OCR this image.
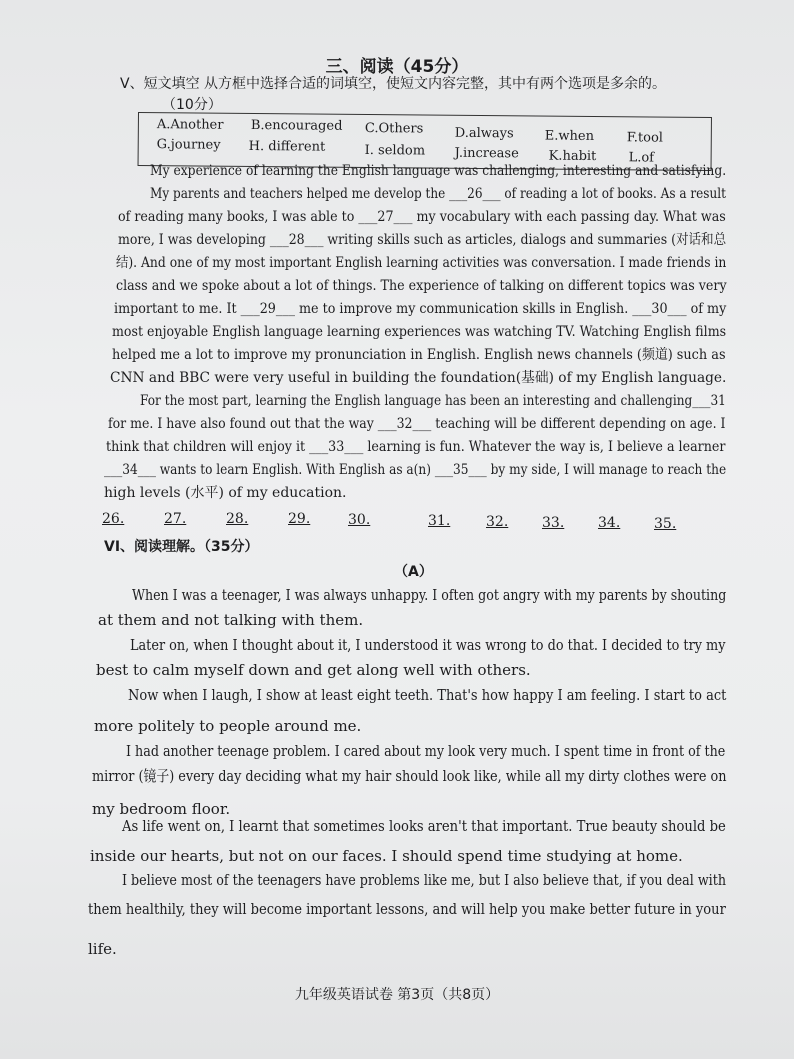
三、阅读（45分）
V、短文填空 从方框中选择合适的词填空，使短文内容完整，其中有两个选项是多余的。
（10分）
A.Another B.encouraged C.Others D.always E.when	F.tool
G.journey H. different	I. seldom J.increase K.habit L.of
My experience of learning the English language was challenging, interesting and satisfying.
My parents and teachers helped me develop the ___26___ of reading a lot of books. As a result
of reading many books, I was able to ___27___ my vocabulary with each passing day. What was
more, I was developing ___28___ writing skills such as articles, dialogs and summaries (对话和总
结). And one of my most important English learning activities was conversation. I made friends in
class and we spoke about a lot of things. The experience of talking on different topics was very
important to me. It ___29___ me to improve my communication skills in English. ___30___ of my
most enjoyable English language learning experiences was watching TV. Watching English films
helped me a lot to improve my pronunciation in English. English news channels (频道) such as
CNN and BBC were very useful in building the foundation(基础) of my English language.
For the most part, learning the English language has been an interesting and challenging___31
for me. I have also found out that the way ___32___ teaching will be different depending on age. I
think that children will enjoy it ___33___ learning is fun. Whatever the way is, I believe a learner
___34___ wants to learn English. With English as a(n) ___35___ by my side, I will manage to reach the
high levels (水平) of my education.
26.	27.	28.	29.	30.	31.	32. 33. 34. 35.
VI、阅读理解。（35分）
（A）
When I was a teenager, I was always unhappy. I often got angry with my parents by shouting
at them and not talking with them.
Later on, when I thought about it, I understood it was wrong to do that. I decided to try my
best to calm myself down and get along well with others.
Now when I laugh, I show at least eight teeth. That's how happy I am feeling. I start to act
more politely to people around me.
I had another teenage problem. I cared about my look very much. I spent time in front of the
mirror (镜子) every day deciding what my hair should look like, while all my dirty clothes were on
my bedroom floor.
As life went on, I learnt that sometimes looks aren't that important. True beauty should be
inside our hearts, but not on our faces. I should spend time studying at home.
I believe most of the teenagers have problems like me, but I also believe that, if you deal with
them healthily, they will become important lessons, and will help you make better future in your
life.
九年级英语试卷 第3页（共8页）
